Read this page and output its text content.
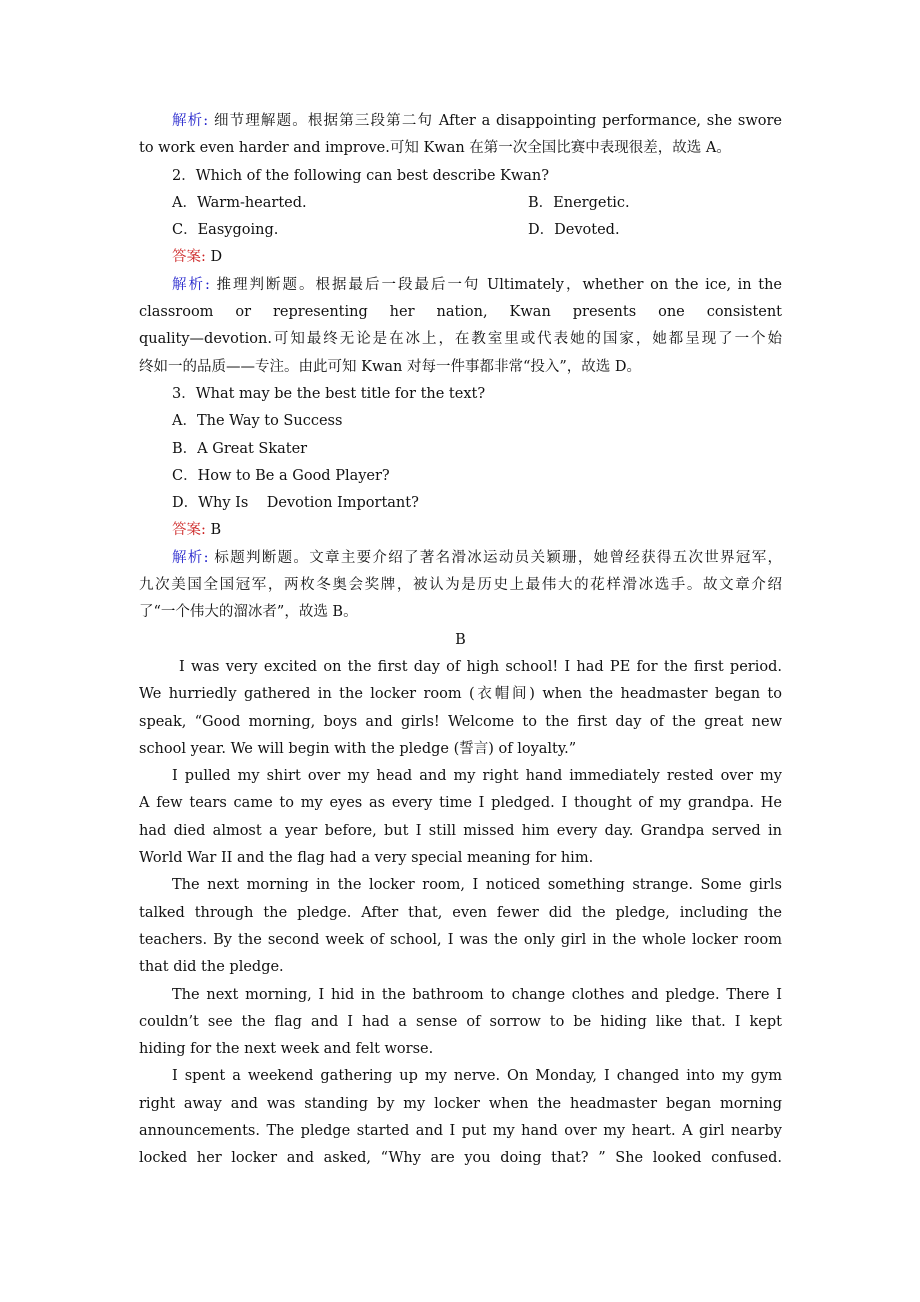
解析: 细节理解题。根据第三段第二句 After a disappointing performance, she swore
to work even harder and improve.可知 Kwan 在第一次全国比赛中表现很差，故选 A。
2．Which of the following can best describe Kwan?
A．Warm-hearted.	B．Energetic.
C．Easygoing.	D．Devoted.
答案: D
解析: 推理判断题。根据最后一段最后一句 Ultimately，whether on the ice, in the
classroom or representing her nation, Kwan presents one consistent
quality—devotion.可知最终无论是在冰上，在教室里或代表她的国家，她都呈现了一个始
终如一的品质——专注。由此可知 Kwan 对每一件事都非常“投入”，故选 D。
3．What may be the best title for the text?
A．The Way to Success
B．A Great Skater
C．How to Be a Good Player?
D．Why Is    Devotion Important?
答案: B
解析: 标题判断题。文章主要介绍了著名滑冰运动员关颖珊，她曾经获得五次世界冠军，
九次美国全国冠军，两枚冬奥会奖牌，被认为是历史上最伟大的花样滑冰选手。故文章介绍
了“一个伟大的溜冰者”，故选 B。
B
I was very excited on the first day of high school! I had PE for the first period.
We hurriedly gathered in the locker room (衣帽间) when the headmaster began to
speak, “Good morning, boys and girls! Welcome to the first day of the great new
school year. We will begin with the pledge (誓言) of loyalty.”
I pulled my shirt over my head and my right hand immediately rested over my
A few tears came to my eyes as every time I pledged. I thought of my grandpa. He
had died almost a year before, but I still missed him every day. Grandpa served in
World War II and the flag had a very special meaning for him.
The next morning in the locker room, I noticed something strange. Some girls
talked through the pledge. After that, even fewer did the pledge, including the
teachers. By the second week of school, I was the only girl in the whole locker room
that did the pledge.
The next morning, I hid in the bathroom to change clothes and pledge. There I
couldn’t see the flag and I had a sense of sorrow to be hiding like that. I kept
hiding for the next week and felt worse.
I spent a weekend gathering up my nerve. On Monday, I changed into my gym
right away and was standing by my locker when the headmaster began morning
announcements. The pledge started and I put my hand over my heart. A girl nearby
locked her locker and asked, “Why are you doing that? ” She looked confused.
